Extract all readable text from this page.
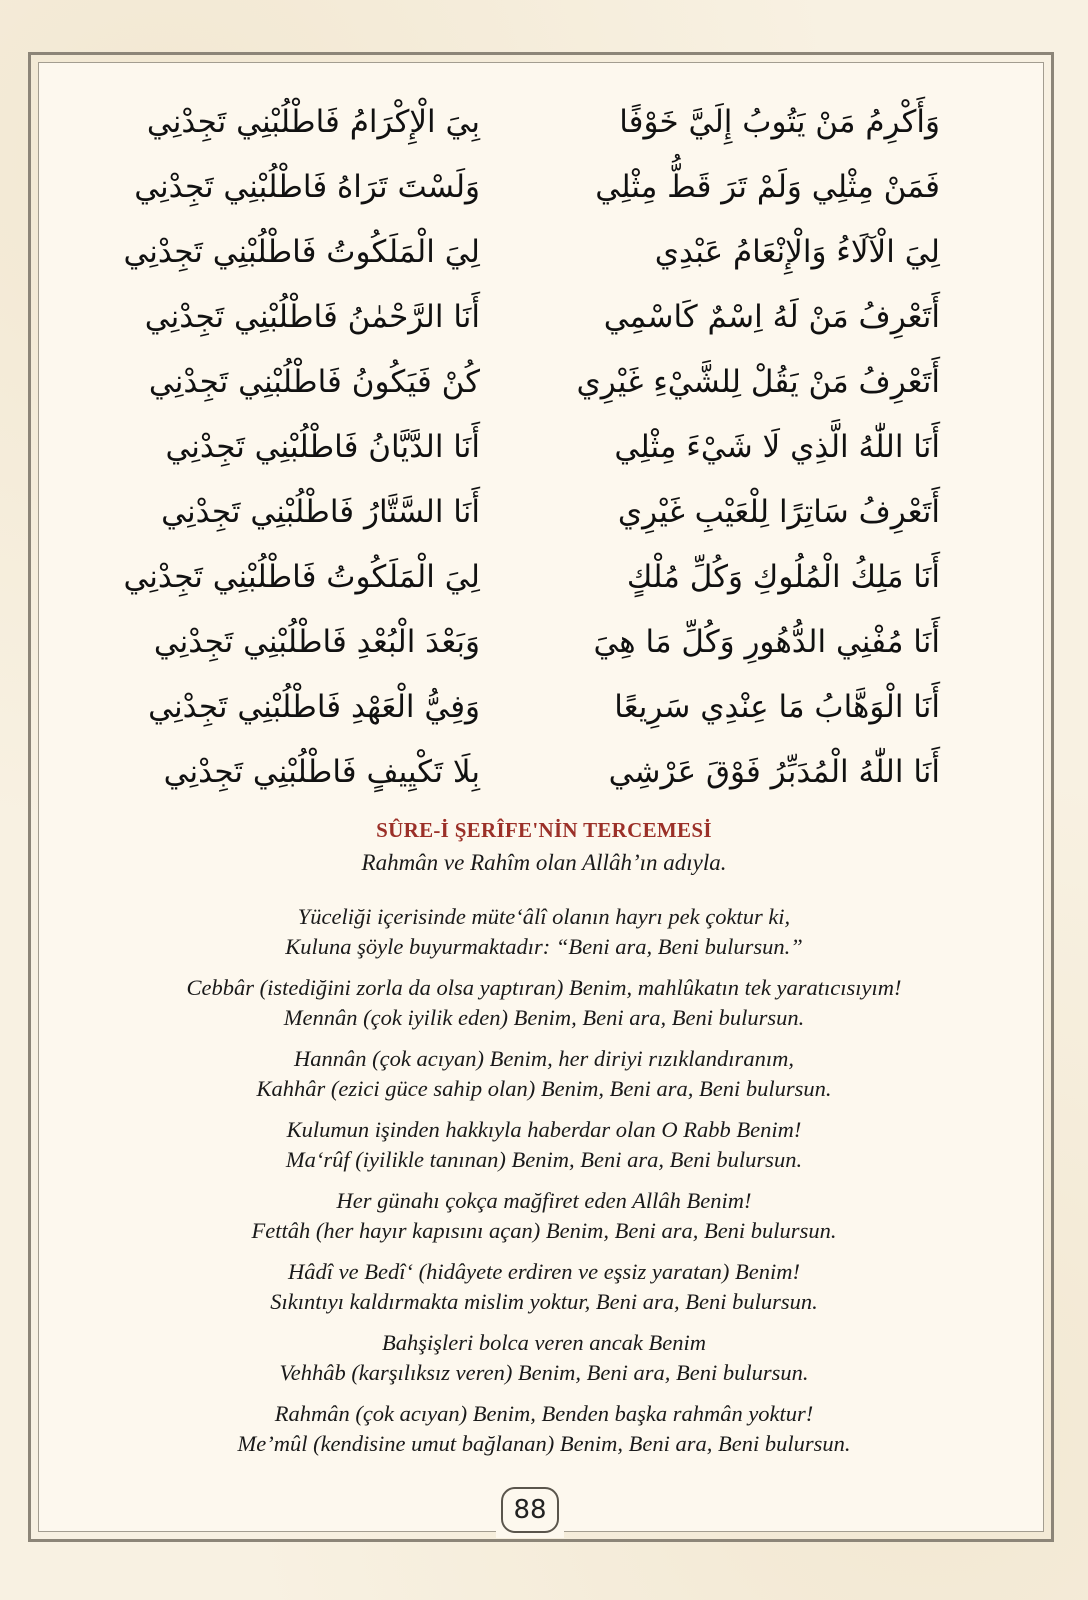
بِيَ الْإِكْرَامُ فَاطْلُبْنِي تَجِدْنِي
وَلَسْتَ تَرَاهُ فَاطْلُبْنِي تَجِدْنِي
لِيَ الْمَلَكُوتُ فَاطْلُبْنِي تَجِدْنِي
أَنَا الرَّحْمٰنُ فَاطْلُبْنِي تَجِدْنِي
كُنْ فَيَكُونُ فَاطْلُبْنِي تَجِدْنِي
أَنَا الدَّيَّانُ فَاطْلُبْنِي تَجِدْنِي
أَنَا السَّتَّارُ فَاطْلُبْنِي تَجِدْنِي
لِيَ الْمَلَكُوتُ فَاطْلُبْنِي تَجِدْنِي
وَبَعْدَ الْبُعْدِ فَاطْلُبْنِي تَجِدْنِي
وَفِيُّ الْعَهْدِ فَاطْلُبْنِي تَجِدْنِي
بِلَا تَكْيِيفٍ فَاطْلُبْنِي تَجِدْنِي
وَأَكْرِمُ مَنْ يَتُوبُ إِلَيَّ خَوْفًا
فَمَنْ مِثْلِي وَلَمْ تَرَ قَطُّ مِثْلِي
لِيَ الْآلَاءُ وَالْإِنْعَامُ عَبْدِي
أَتَعْرِفُ مَنْ لَهُ اِسْمٌ كَاسْمِي
أَتَعْرِفُ مَنْ يَقُلْ لِلشَّيْءِ غَيْرِي
أَنَا اللّٰهُ الَّذِي لَا شَيْءَ مِثْلِي
أَتَعْرِفُ سَاتِرًا لِلْعَيْبِ غَيْرِي
أَنَا مَلِكُ الْمُلُوكِ وَكُلِّ مُلْكٍ
أَنَا مُفْنِي الدُّهُورِ وَكُلِّ مَا هِيَ
أَنَا الْوَهَّابُ مَا عِنْدِي سَرِيعًا
أَنَا اللّٰهُ الْمُدَبِّرُ فَوْقَ عَرْشِي
SÛRE-İ ŞERÎFE'NİN TERCEMESİ
Rahmân ve Rahîm olan Allâh’ın adıyla.
Yüceliği içerisinde müte‘âlî olanın hayrı pek çoktur ki,
Kuluna şöyle buyurmaktadır: “Beni ara, Beni bulursun.”
Cebbâr (istediğini zorla da olsa yaptıran) Benim, mahlûkatın tek yaratıcısıyım!
Mennân (çok iyilik eden) Benim, Beni ara, Beni bulursun.
Hannân (çok acıyan) Benim, her diriyi rızıklandıranım,
Kahhâr (ezici güce sahip olan) Benim, Beni ara, Beni bulursun.
Kulumun işinden hakkıyla haberdar olan O Rabb Benim!
Ma‘rûf (iyilikle tanınan) Benim, Beni ara, Beni bulursun.
Her günahı çokça mağfiret eden Allâh Benim!
Fettâh (her hayır kapısını açan) Benim, Beni ara, Beni bulursun.
Hâdî ve Bedî‘ (hidâyete erdiren ve eşsiz yaratan) Benim!
Sıkıntıyı kaldırmakta mislim yoktur, Beni ara, Beni bulursun.
Bahşişleri bolca veren ancak Benim
Vehhâb (karşılıksız veren) Benim, Beni ara, Beni bulursun.
Rahmân (çok acıyan) Benim, Benden başka rahmân yoktur!
Me’mûl (kendisine umut bağlanan) Benim, Beni ara, Beni bulursun.
88
